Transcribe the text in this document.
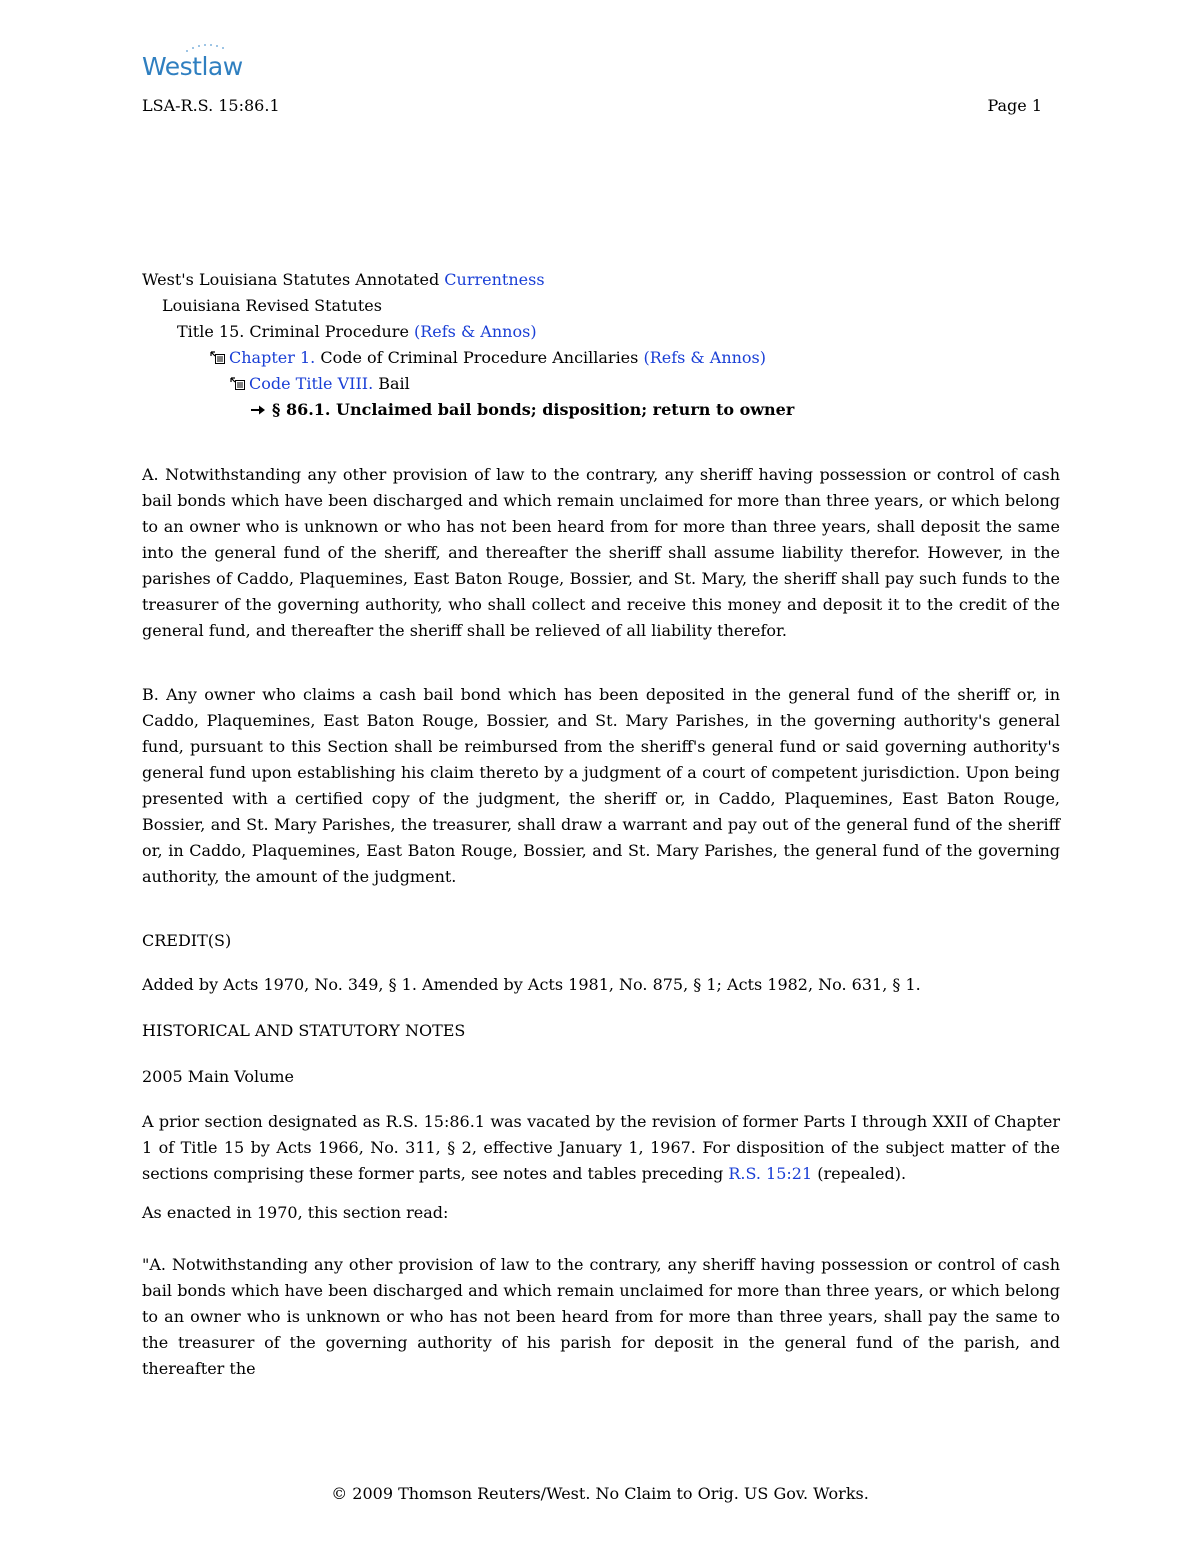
Westlaw
LSA-R.S. 15:86.1	Page 1
West's Louisiana Statutes Annotated Currentness
Louisiana Revised Statutes
Title 15. Criminal Procedure (Refs & Annos)
Chapter 1. Code of Criminal Procedure Ancillaries (Refs & Annos)
Code Title VIII. Bail
§ 86.1. Unclaimed bail bonds; disposition; return to owner

A. Notwithstanding any other provision of law to the contrary, any sheriff having possession or control of cash bail bonds which have been discharged and which remain unclaimed for more than three years, or which belong to an owner who is unknown or who has not been heard from for more than three years, shall deposit the same into the general fund of the sheriff, and thereafter the sheriff shall assume liability therefor. However, in the parishes of Caddo, Plaquemines, East Baton Rouge, Bossier, and St. Mary, the sheriff shall pay such funds to the treasurer of the governing authority, who shall collect and receive this money and deposit it to the credit of the general fund, and thereafter the sheriff shall be relieved of all liability therefor.

B. Any owner who claims a cash bail bond which has been deposited in the general fund of the sheriff or, in Caddo, Plaquemines, East Baton Rouge, Bossier, and St. Mary Parishes, in the governing authority's general fund, pursuant to this Section shall be reimbursed from the sheriff's general fund or said governing authority's general fund upon establishing his claim thereto by a judgment of a court of competent jurisdiction. Upon being presented with a certified copy of the judgment, the sheriff or, in Caddo, Plaquemines, East Baton Rouge, Bossier, and St. Mary Parishes, the treasurer, shall draw a warrant and pay out of the general fund of the sheriff or, in Caddo, Plaquemines, East Baton Rouge, Bossier, and St. Mary Parishes, the general fund of the governing authority, the amount of the judgment.

CREDIT(S)
Added by Acts 1970, No. 349, § 1. Amended by Acts 1981, No. 875, § 1; Acts 1982, No. 631, § 1.
HISTORICAL AND STATUTORY NOTES
2005 Main Volume

A prior section designated as R.S. 15:86.1 was vacated by the revision of former Parts I through XXII of Chapter 1 of Title 15 by Acts 1966, No. 311, § 2, effective January 1, 1967. For disposition of the subject matter of the sections comprising these former parts, see notes and tables preceding R.S. 15:21 (repealed).

As enacted in 1970, this section read:

"A. Notwithstanding any other provision of law to the contrary, any sheriff having possession or control of cash bail bonds which have been discharged and which remain unclaimed for more than three years, or which belong to an owner who is unknown or who has not been heard from for more than three years, shall pay the same to the treasurer of the governing authority of his parish for deposit in the general fund of the parish, and thereafter the

© 2009 Thomson Reuters/West. No Claim to Orig. US Gov. Works.
